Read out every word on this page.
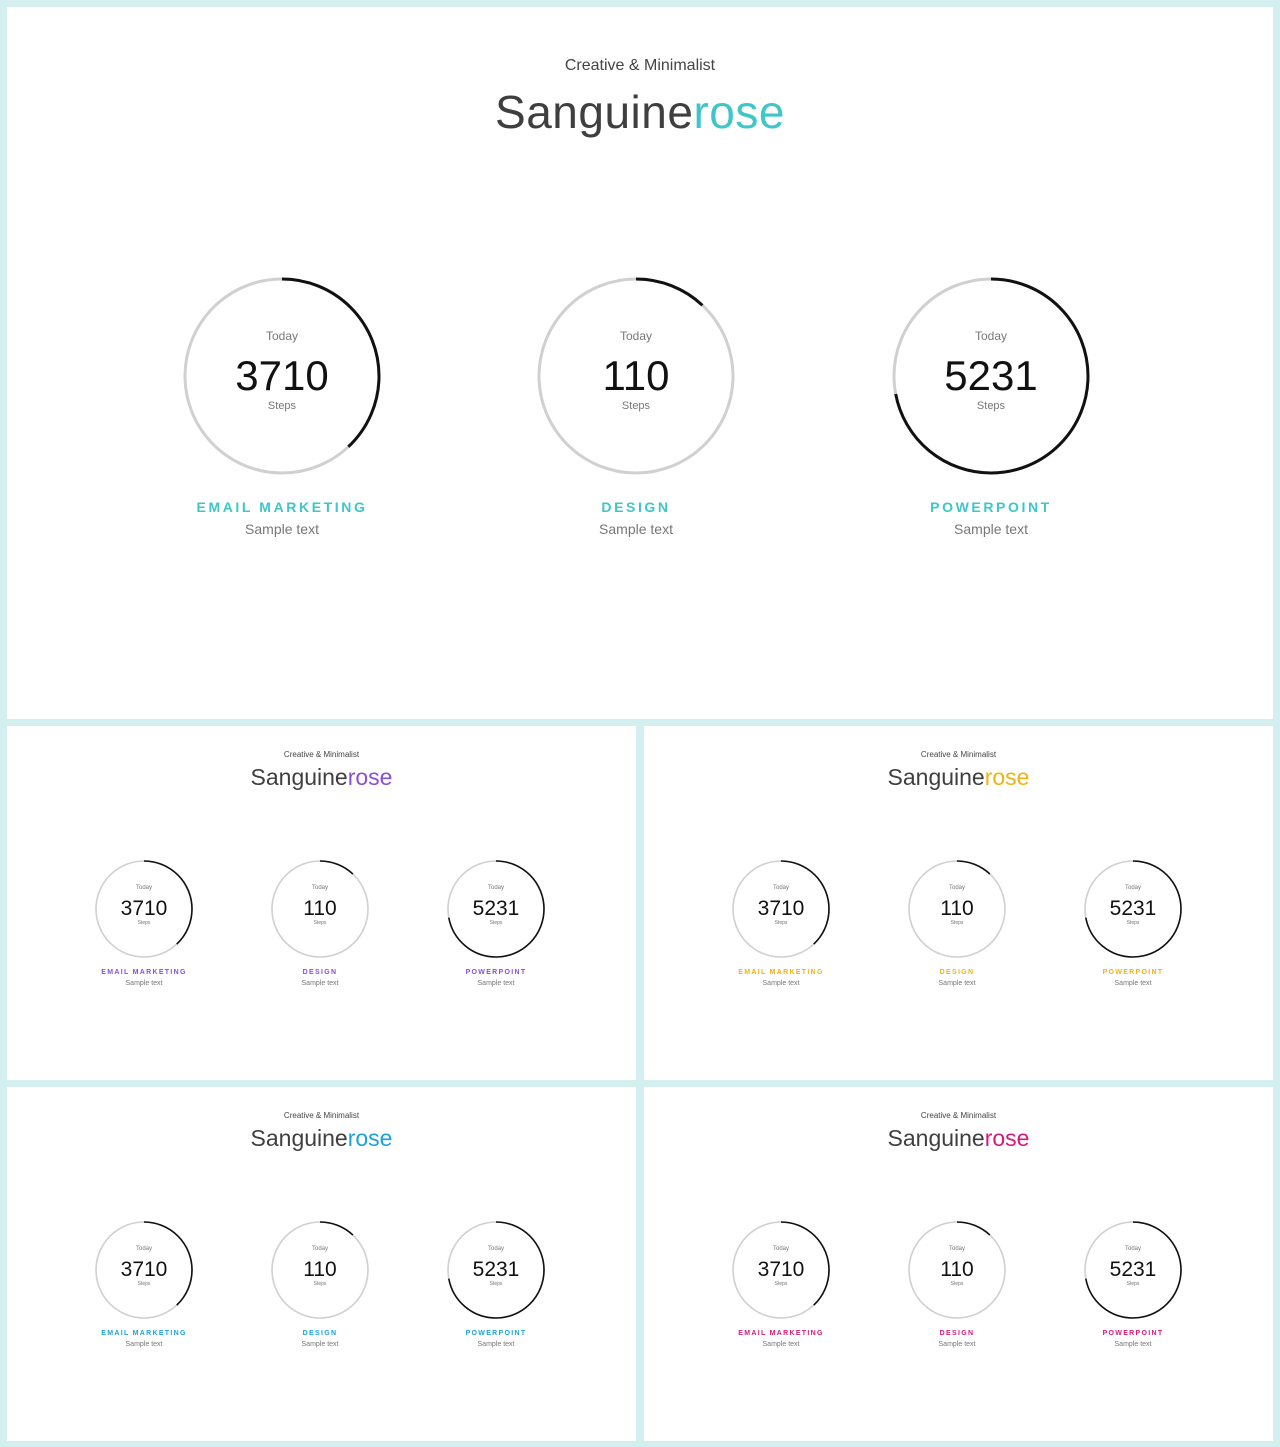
Creative & Minimalist
Sanguinerose
Today
3710
Steps
EMAIL MARKETING
Sample text
Today
110
Steps
DESIGN
Sample text
Today
5231
Steps
POWERPOINT
Sample text
Creative & Minimalist
Sanguinerose
Today
3710
Steps
EMAIL MARKETING
Sample text
Today
110
Steps
DESIGN
Sample text
Today
5231
Steps
POWERPOINT
Sample text
Creative & Minimalist
Sanguinerose
Today
3710
Steps
EMAIL MARKETING
Sample text
Today
110
Steps
DESIGN
Sample text
Today
5231
Steps
POWERPOINT
Sample text
Creative & Minimalist
Sanguinerose
Today
3710
Steps
EMAIL MARKETING
Sample text
Today
110
Steps
DESIGN
Sample text
Today
5231
Steps
POWERPOINT
Sample text
Creative & Minimalist
Sanguinerose
Today
3710
Steps
EMAIL MARKETING
Sample text
Today
110
Steps
DESIGN
Sample text
Today
5231
Steps
POWERPOINT
Sample text
